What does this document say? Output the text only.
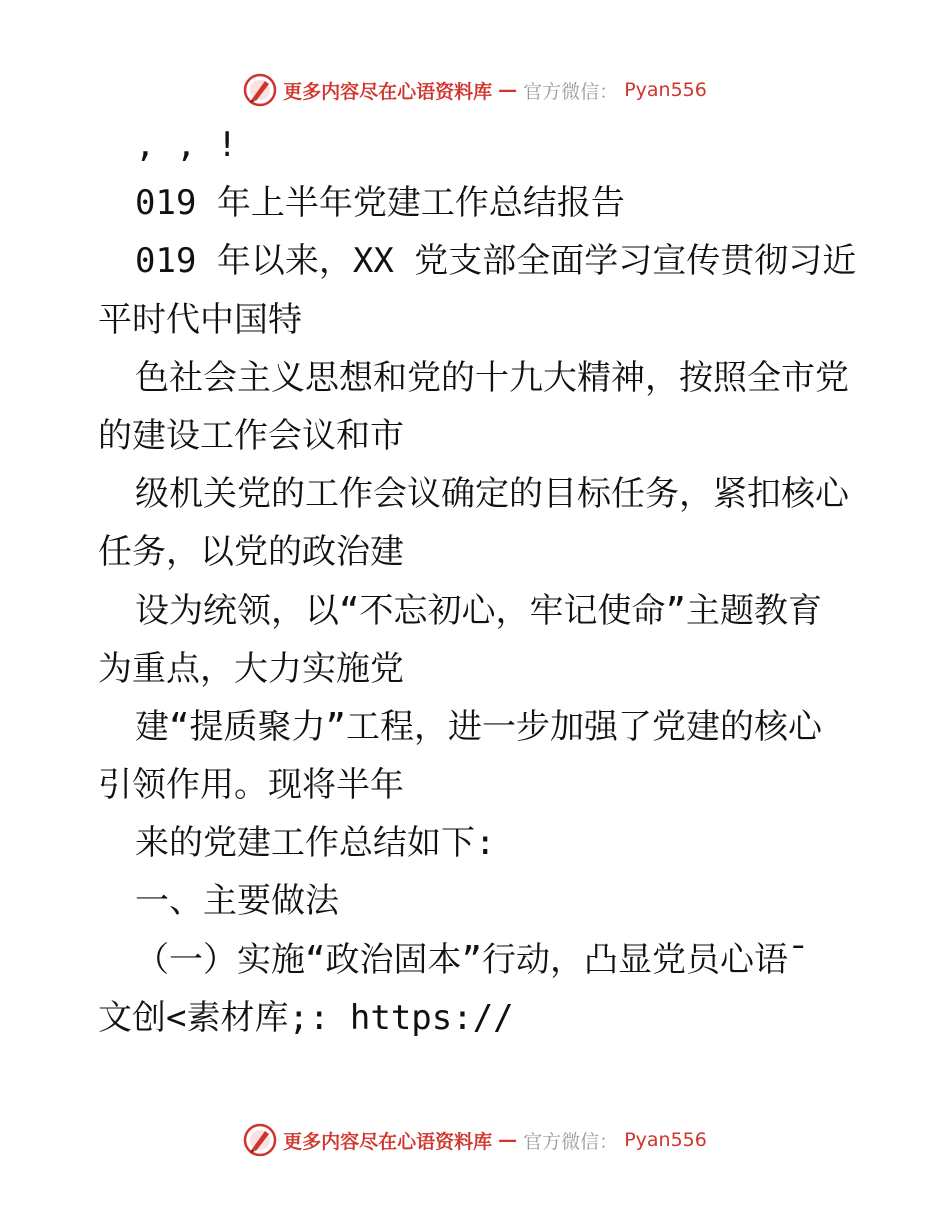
更多内容尽在心语资料库 — 官方微信： Pyan556
, , !
019 年上半年党建工作总结报告
019 年以来，XX 党支部全面学习宣传贯彻习近
平时代中国特
色社会主义思想和党的十九大精神，按照全市党
的建设工作会议和市
级机关党的工作会议确定的目标任务，紧扣核心
任务，以党的政治建
设为统领，以“不忘初心，牢记使命”主题教育
为重点，大力实施党
建“提质聚力”工程，进一步加强了党建的核心
引领作用。现将半年
来的党建工作总结如下:
一、主要做法
（一）实施“政治固本”行动，凸显党员心语¯
文创<素材库;: https://
更多内容尽在心语资料库 — 官方微信： Pyan556
